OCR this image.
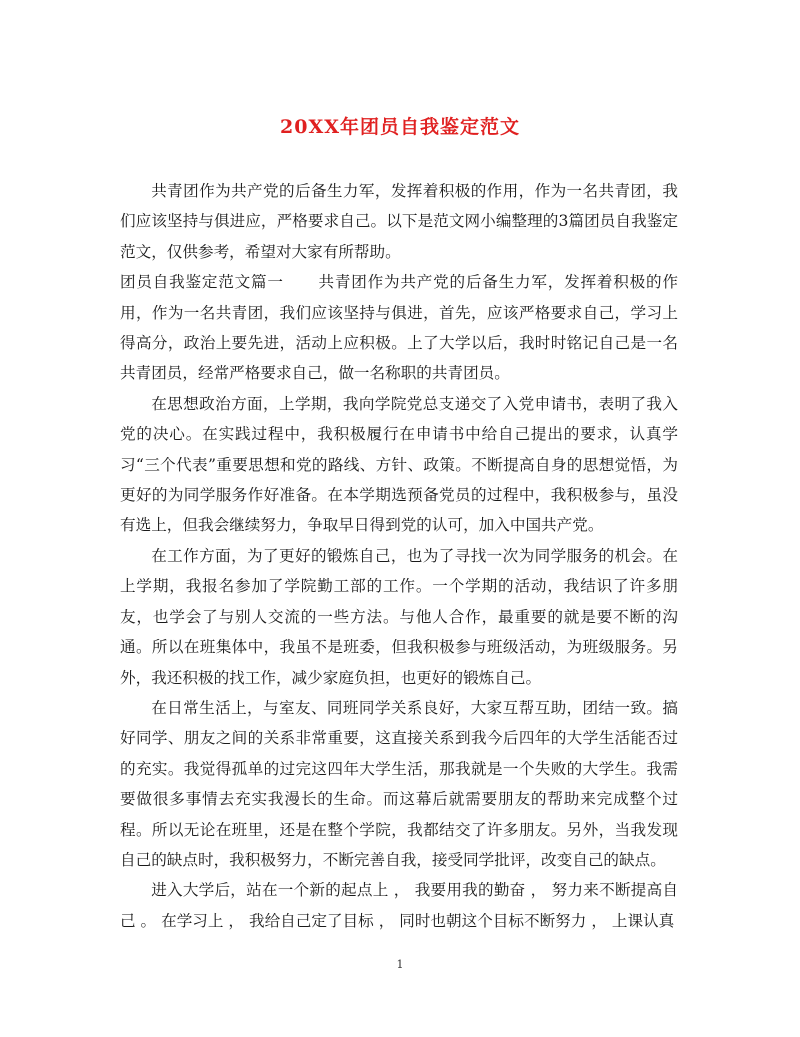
20XX年团员自我鉴定范文

共青团作为共产党的后备生力军，发挥着积极的作用，作为一名共青团，我们应该坚持与俱进应，严格要求自己。以下是范文网小编整理的3篇团员自我鉴定范文，仅供参考，希望对大家有所帮助。

团员自我鉴定范文篇一 共青团作为共产党的后备生力军，发挥着积极的作用，作为一名共青团，我们应该坚持与俱进，首先，应该严格要求自己，学习上得高分，政治上要先进，活动上应积极。上了大学以后，我时时铭记自己是一名共青团员，经常严格要求自己，做一名称职的共青团员。

在思想政治方面，上学期，我向学院党总支递交了入党申请书，表明了我入党的决心。在实践过程中，我积极履行在申请书中给自己提出的要求，认真学习“三个代表”重要思想和党的路线、方针、政策。不断提高自身的思想觉悟，为更好的为同学服务作好准备。在本学期选预备党员的过程中，我积极参与，虽没有选上，但我会继续努力，争取早日得到党的认可，加入中国共产党。

在工作方面，为了更好的锻炼自己，也为了寻找一次为同学服务的机会。在上学期，我报名参加了学院勤工部的工作。一个学期的活动，我结识了许多朋友，也学会了与别人交流的一些方法。与他人合作，最重要的就是要不断的沟通。所以在班集体中，我虽不是班委，但我积极参与班级活动，为班级服务。另外，我还积极的找工作，减少家庭负担，也更好的锻炼自己。

在日常生活上，与室友、同班同学关系良好，大家互帮互助，团结一致。搞好同学、朋友之间的关系非常重要，这直接关系到我今后四年的大学生活能否过的充实。我觉得孤单的过完这四年大学生活，那我就是一个失败的大学生。我需要做很多事情去充实我漫长的生命。而这幕后就需要朋友的帮助来完成整个过程。所以无论在班里，还是在整个学院，我都结交了许多朋友。另外，当我发现自己的缺点时，我积极努力，不断完善自我，接受同学批评，改变自己的缺点。

进入大学后，站在一个新的起点上 ， 我要用我的勤奋 ， 努力来不断提高自己 。 在学习上 ， 我给自己定了目标 ， 同时也朝这个目标不断努力 ， 上课认真

1
